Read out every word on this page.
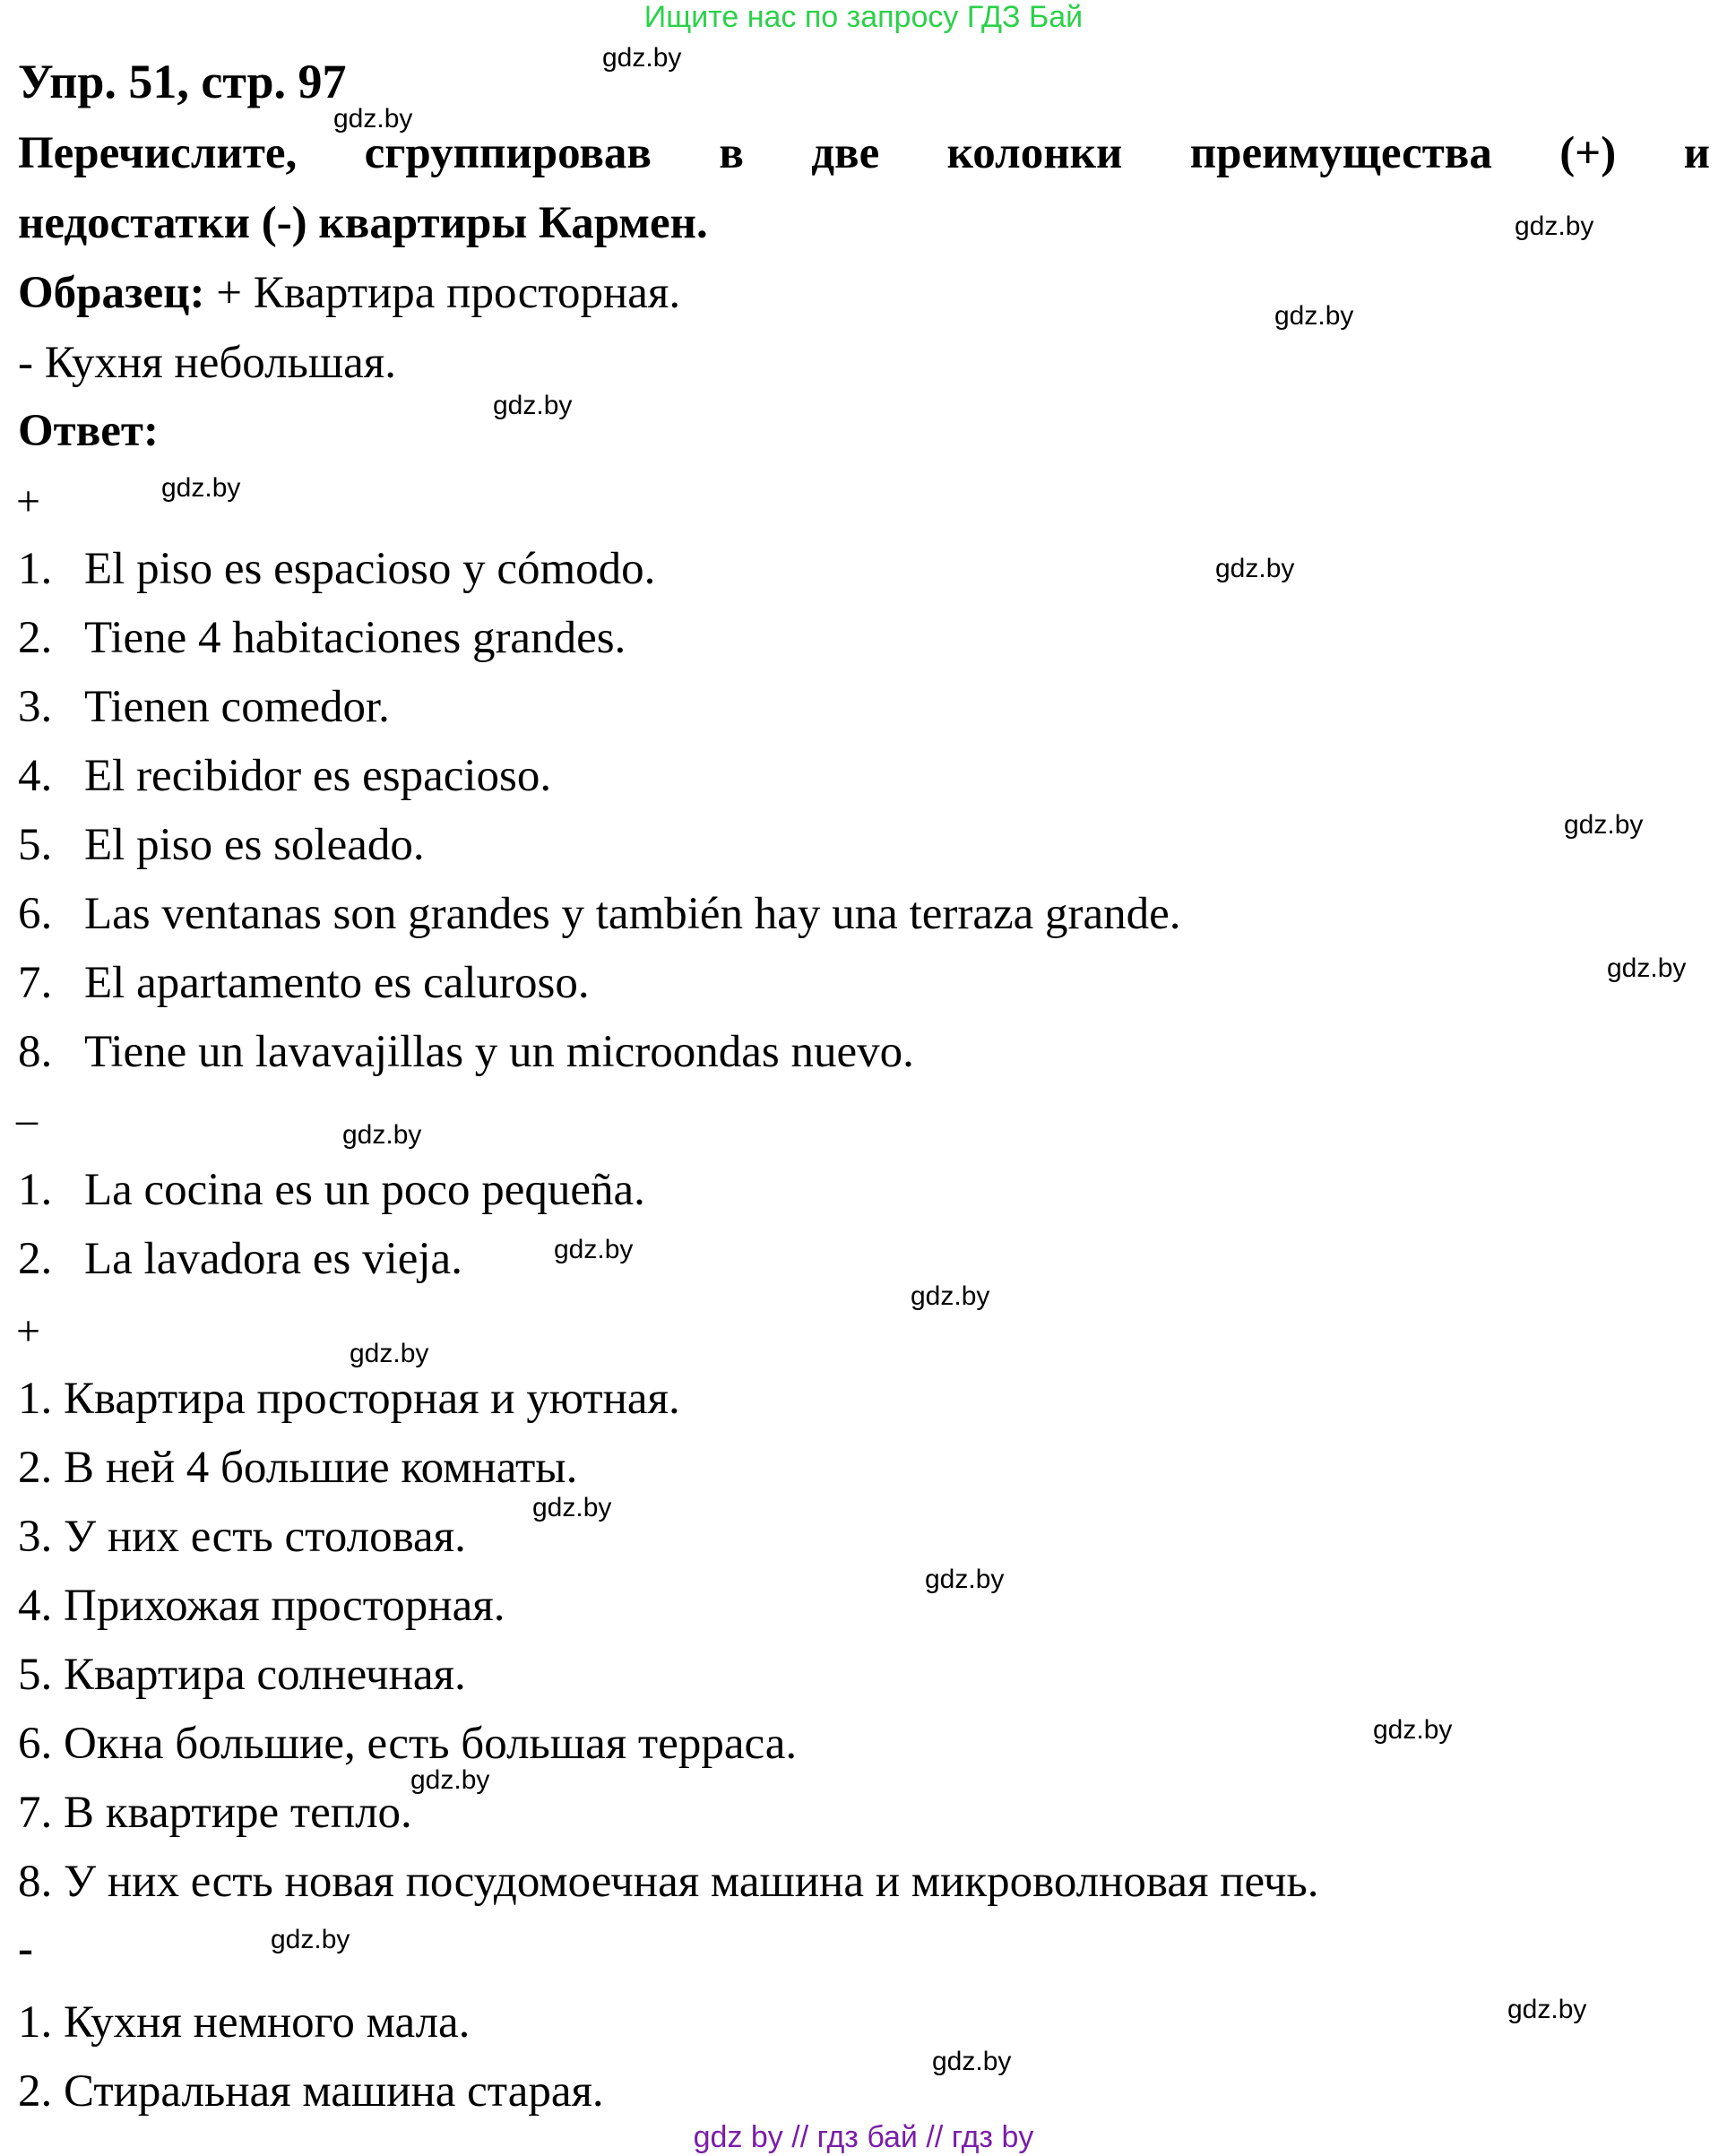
Ищите нас по запросу ГДЗ Бай
Упр. 51, стр. 97
Перечислите, сгруппировав в две колонки преимущества (+) и
недостатки (-) квартиры Кармен.
Образец: + Квартира просторная.
- Кухня небольшая.
Ответ:
+
1. El piso es espacioso y cómodo.
2. Tiene 4 habitaciones grandes.
3. Tienen comedor.
4. El recibidor es espacioso.
5. El piso es soleado.
6. Las ventanas son grandes y también hay una terraza grande.
7. El apartamento es caluroso.
8. Tiene un lavavajillas y un microondas nuevo.
–
1. La cocina es un poco pequeña.
2. La lavadora es vieja.
+
1. Квартира просторная и уютная.
2. В ней 4 большие комнаты.
3. У них есть столовая.
4. Прихожая просторная.
5. Квартира солнечная.
6. Окна большие, есть большая терраса.
7. В квартире тепло.
8. У них есть новая посудомоечная машина и микроволновая печь.
-
1. Кухня немного мала.
2. Стиральная машина старая.
gdz.by
gdz.by
gdz.by
gdz.by
gdz.by
gdz.by
gdz.by
gdz.by
gdz.by
gdz.by
gdz.by
gdz.by
gdz.by
gdz.by
gdz.by
gdz.by
gdz.by
gdz.by
gdz.by
gdz.by
gdz by // гдз бай // гдз by
